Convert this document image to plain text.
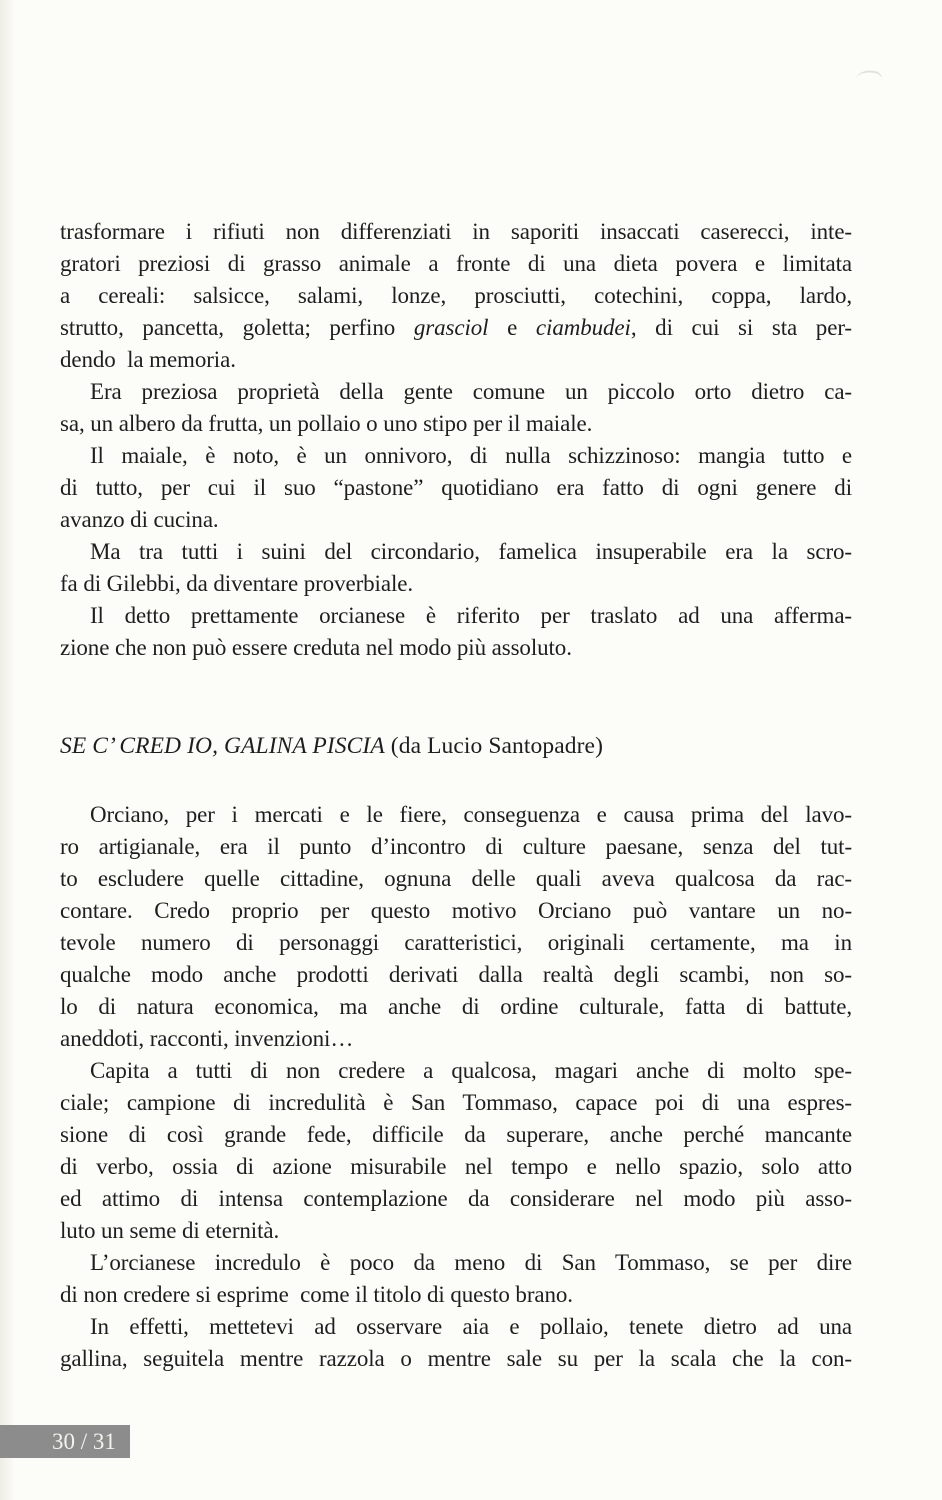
trasformare i rifiuti non differenziati in saporiti insaccati caserecci, inte-
gratori preziosi di grasso animale a fronte di una dieta povera e limitata
a cereali: salsicce, salami, lonze, prosciutti, cotechini, coppa, lardo,
strutto, pancetta, goletta; perfino grasciol e ciambudei, di cui si sta per-
dendo la memoria.
Era preziosa proprietà della gente comune un piccolo orto dietro ca-
sa, un albero da frutta, un pollaio o uno stipo per il maiale.
Il maiale, è noto, è un onnivoro, di nulla schizzinoso: mangia tutto e
di tutto, per cui il suo “pastone” quotidiano era fatto di ogni genere di
avanzo di cucina.
Ma tra tutti i suini del circondario, famelica insuperabile era la scro-
fa di Gilebbi, da diventare proverbiale.
Il detto prettamente orcianese è riferito per traslato ad una afferma-
zione che non può essere creduta nel modo più assoluto.
SE C’ CRED IO, GALINA PISCIA (da Lucio Santopadre)
Orciano, per i mercati e le fiere, conseguenza e causa prima del lavo-
ro artigianale, era il punto d’incontro di culture paesane, senza del tut-
to escludere quelle cittadine, ognuna delle quali aveva qualcosa da rac-
contare. Credo proprio per questo motivo Orciano può vantare un no-
tevole numero di personaggi caratteristici, originali certamente, ma in
qualche modo anche prodotti derivati dalla realtà degli scambi, non so-
lo di natura economica, ma anche di ordine culturale, fatta di battute,
aneddoti, racconti, invenzioni…
Capita a tutti di non credere a qualcosa, magari anche di molto spe-
ciale; campione di incredulità è San Tommaso, capace poi di una espres-
sione di così grande fede, difficile da superare, anche perché mancante
di verbo, ossia di azione misurabile nel tempo e nello spazio, solo atto
ed attimo di intensa contemplazione da considerare nel modo più asso-
luto un seme di eternità.
L’orcianese incredulo è poco da meno di San Tommaso, se per dire
di non credere si esprime come il titolo di questo brano.
In effetti, mettetevi ad osservare aia e pollaio, tenete dietro ad una
gallina, seguitela mentre razzola o mentre sale su per la scala che la con-
30 / 31
